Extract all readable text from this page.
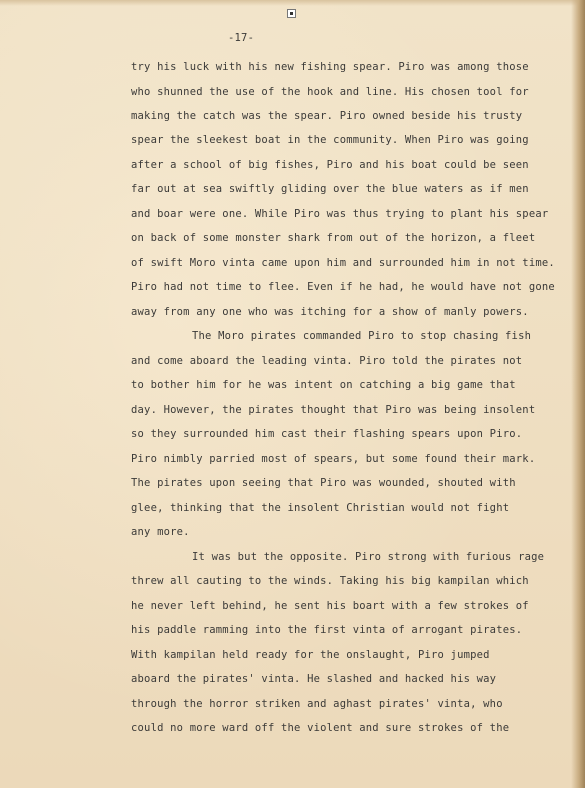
-17-
try his luck with his new fishing spear. Piro was among those
who shunned the use of the hook and line. His chosen tool for
making the catch was the spear. Piro owned beside his trusty
spear the sleekest boat in the community. When Piro was going
after a school of big fishes, Piro and his boat could be seen
far out at sea swiftly gliding over the blue waters as if men
and boar were one. While Piro was thus trying to plant his spear
on back of some monster shark from out of the horizon, a fleet
of swift Moro vinta came upon him and surrounded him in not time.
Piro had not time to flee. Even if he had, he would have not gone
away from any one who was itching for a show of manly powers.
The Moro pirates commanded Piro to stop chasing fish
and come aboard the leading vinta. Piro told the pirates not
to bother him for he was intent on catching a big game that
day. However, the pirates thought that Piro was being insolent
so they surrounded him cast their flashing spears upon Piro.
Piro nimbly parried most of spears, but some found their mark.
The pirates upon seeing that Piro was wounded, shouted with
glee, thinking that the insolent Christian would not fight
any more.
It was but the opposite. Piro strong with furious rage
threw all cauting to the winds. Taking his big kampilan which
he never left behind, he sent his boart with a few strokes of
his paddle ramming into the first vinta of arrogant pirates.
With kampilan held ready for the onslaught, Piro jumped
aboard the pirates' vinta. He slashed and hacked his way
through the horror striken and aghast pirates' vinta, who
could no more ward off the violent and sure strokes of the
